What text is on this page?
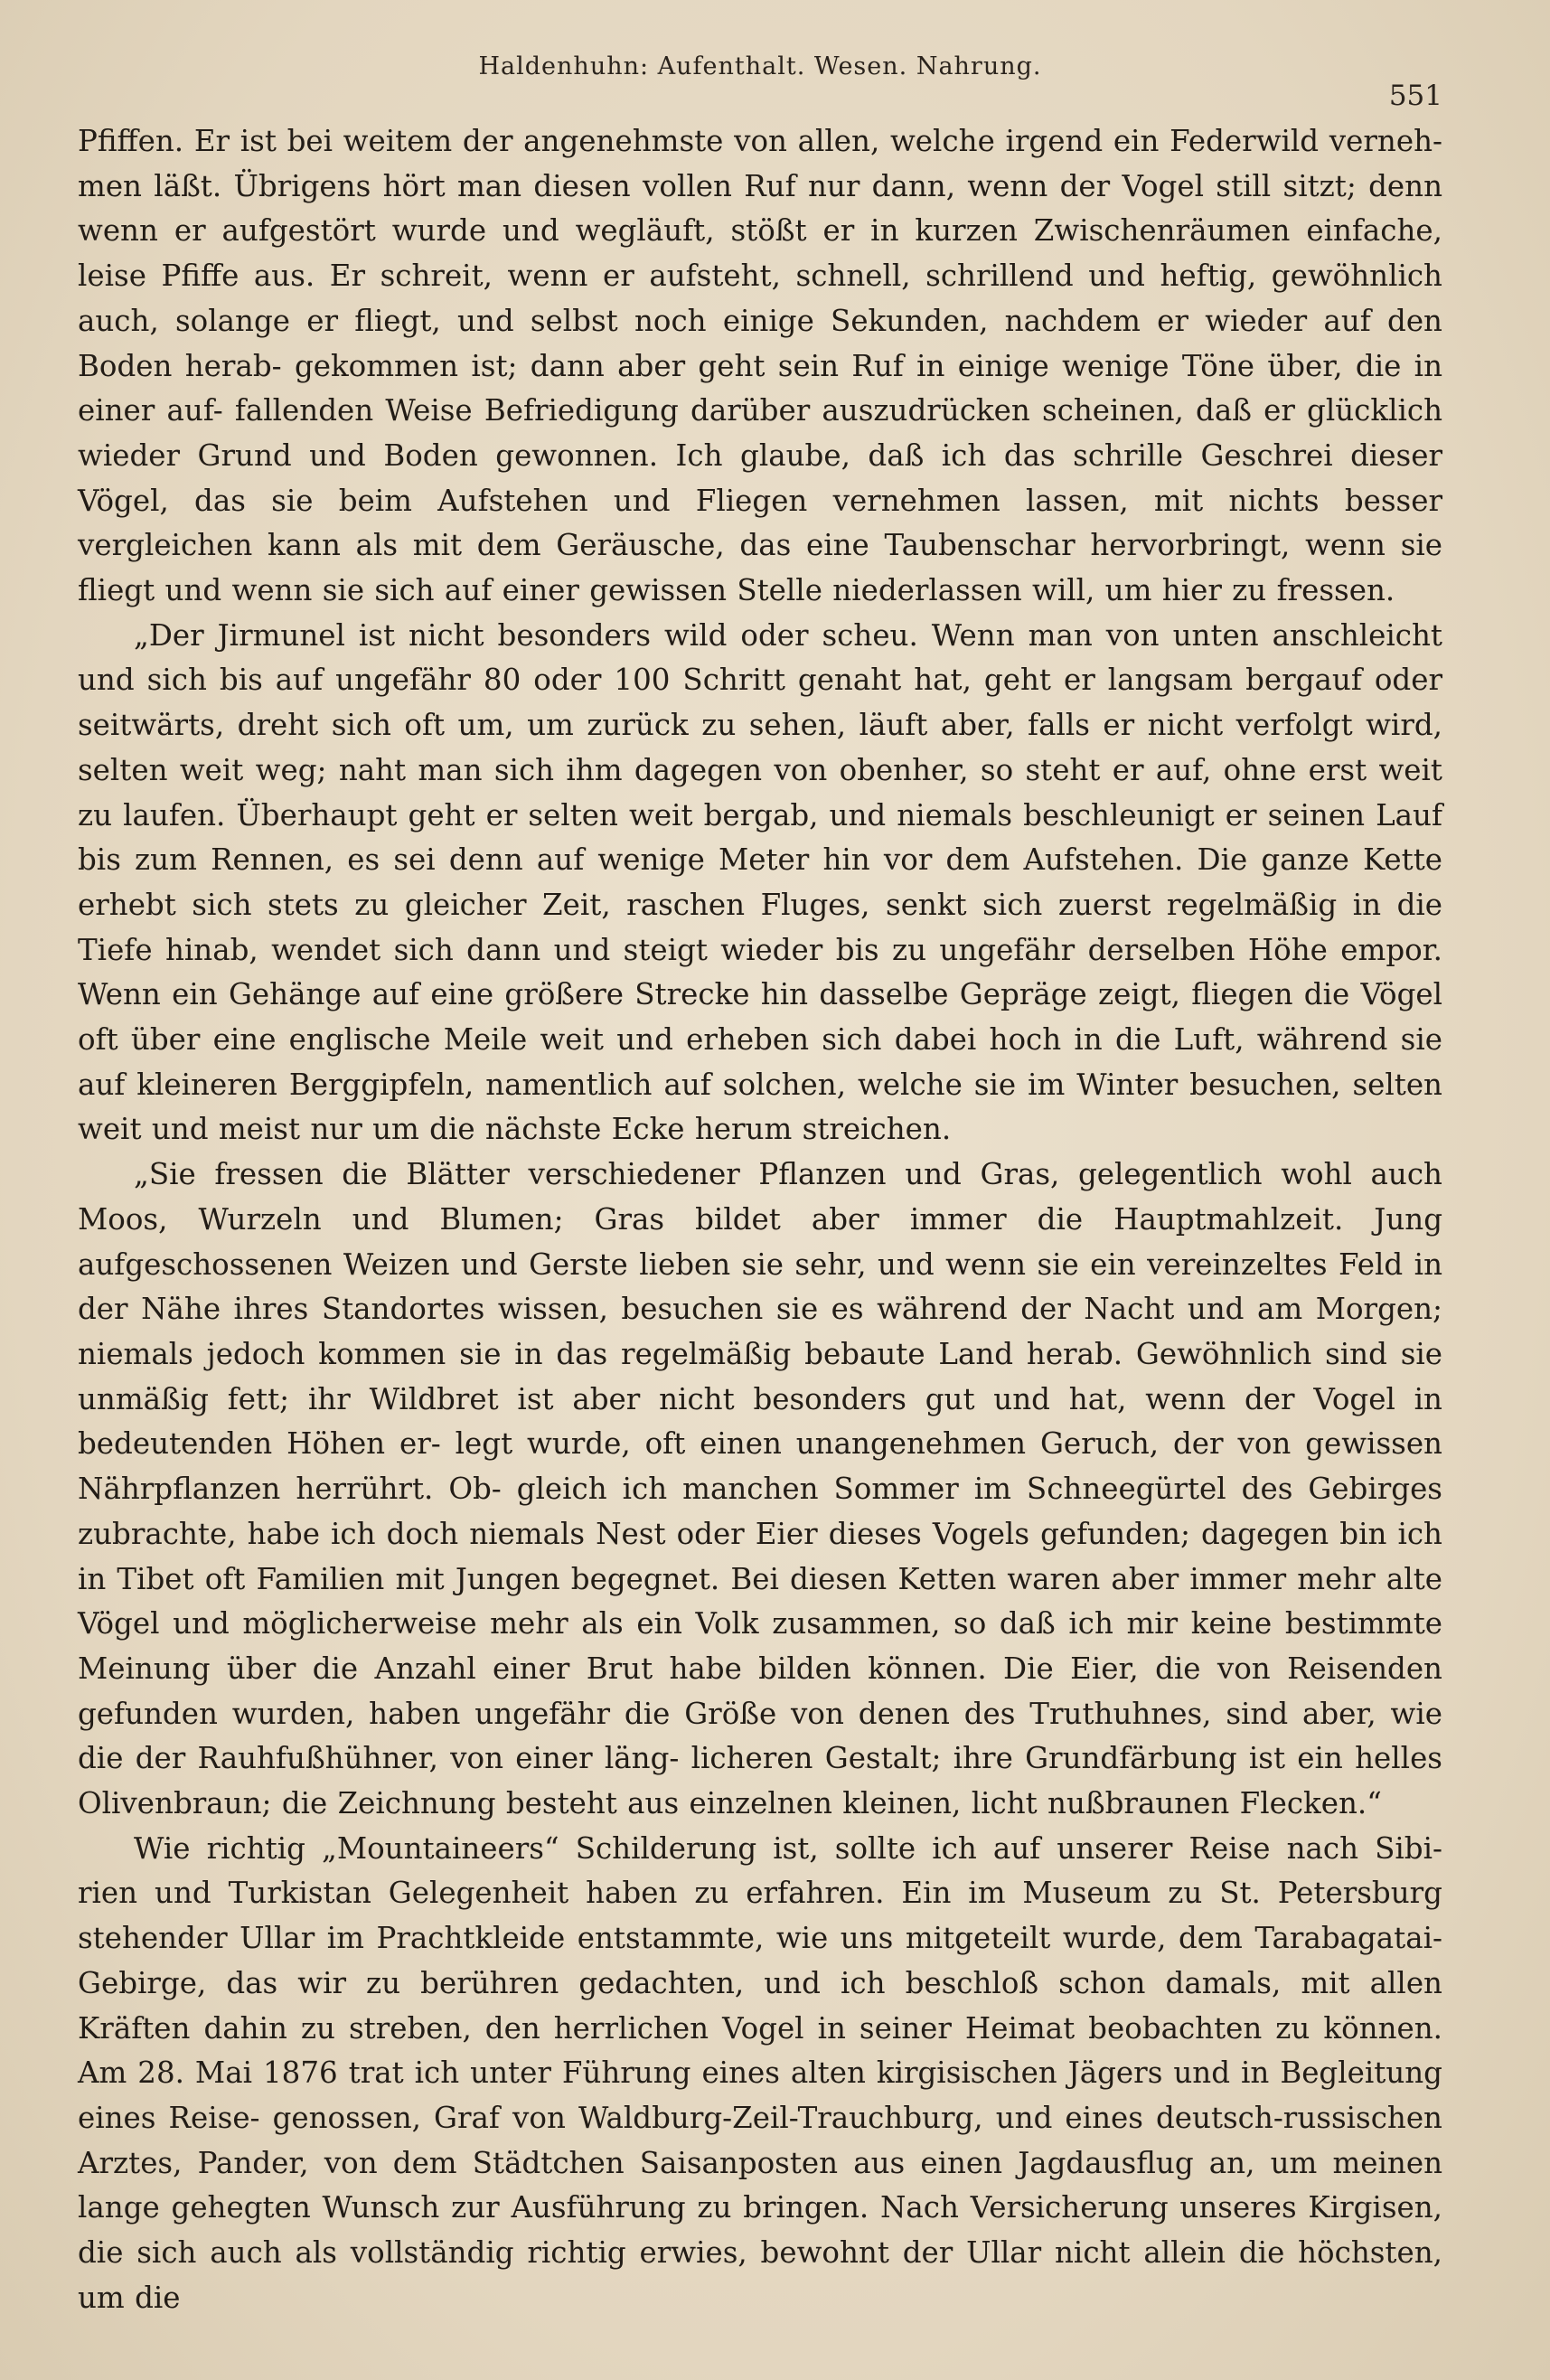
Haldenhuhn: Aufenthalt. Wesen. Nahrung.
551

Pfiffen. Er ist bei weitem der angenehmste von allen, welche irgend ein Federwild verneh- men läßt. Übrigens hört man diesen vollen Ruf nur dann, wenn der Vogel still sitzt; denn wenn er aufgestört wurde und wegläuft, stößt er in kurzen Zwischenräumen einfache, leise Pfiffe aus. Er schreit, wenn er aufsteht, schnell, schrillend und heftig, gewöhnlich auch, solange er fliegt, und selbst noch einige Sekunden, nachdem er wieder auf den Boden herab- gekommen ist; dann aber geht sein Ruf in einige wenige Töne über, die in einer auf- fallenden Weise Befriedigung darüber auszudrücken scheinen, daß er glücklich wieder Grund und Boden gewonnen. Ich glaube, daß ich das schrille Geschrei dieser Vögel, das sie beim Aufstehen und Fliegen vernehmen lassen, mit nichts besser vergleichen kann als mit dem Geräusche, das eine Taubenschar hervorbringt, wenn sie fliegt und wenn sie sich auf einer gewissen Stelle niederlassen will, um hier zu fressen.

„Der Jirmunel ist nicht besonders wild oder scheu. Wenn man von unten anschleicht und sich bis auf ungefähr 80 oder 100 Schritt genaht hat, geht er langsam bergauf oder seitwärts, dreht sich oft um, um zurück zu sehen, läuft aber, falls er nicht verfolgt wird, selten weit weg; naht man sich ihm dagegen von obenher, so steht er auf, ohne erst weit zu laufen. Überhaupt geht er selten weit bergab, und niemals beschleunigt er seinen Lauf bis zum Rennen, es sei denn auf wenige Meter hin vor dem Aufstehen. Die ganze Kette erhebt sich stets zu gleicher Zeit, raschen Fluges, senkt sich zuerst regelmäßig in die Tiefe hinab, wendet sich dann und steigt wieder bis zu ungefähr derselben Höhe empor. Wenn ein Gehänge auf eine größere Strecke hin dasselbe Gepräge zeigt, fliegen die Vögel oft über eine englische Meile weit und erheben sich dabei hoch in die Luft, während sie auf kleineren Berggipfeln, namentlich auf solchen, welche sie im Winter besuchen, selten weit und meist nur um die nächste Ecke herum streichen.

„Sie fressen die Blätter verschiedener Pflanzen und Gras, gelegentlich wohl auch Moos, Wurzeln und Blumen; Gras bildet aber immer die Hauptmahlzeit. Jung aufgeschossenen Weizen und Gerste lieben sie sehr, und wenn sie ein vereinzeltes Feld in der Nähe ihres Standortes wissen, besuchen sie es während der Nacht und am Morgen; niemals jedoch kommen sie in das regelmäßig bebaute Land herab. Gewöhnlich sind sie unmäßig fett; ihr Wildbret ist aber nicht besonders gut und hat, wenn der Vogel in bedeutenden Höhen er- legt wurde, oft einen unangenehmen Geruch, der von gewissen Nährpflanzen herrührt. Ob- gleich ich manchen Sommer im Schneegürtel des Gebirges zubrachte, habe ich doch niemals Nest oder Eier dieses Vogels gefunden; dagegen bin ich in Tibet oft Familien mit Jungen begegnet. Bei diesen Ketten waren aber immer mehr alte Vögel und möglicherweise mehr als ein Volk zusammen, so daß ich mir keine bestimmte Meinung über die Anzahl einer Brut habe bilden können. Die Eier, die von Reisenden gefunden wurden, haben ungefähr die Größe von denen des Truthuhnes, sind aber, wie die der Rauhfußhühner, von einer läng- licheren Gestalt; ihre Grundfärbung ist ein helles Olivenbraun; die Zeichnung besteht aus einzelnen kleinen, licht nußbraunen Flecken.“

Wie richtig „Mountaineers“ Schilderung ist, sollte ich auf unserer Reise nach Sibi- rien und Turkistan Gelegenheit haben zu erfahren. Ein im Museum zu St. Petersburg stehender Ullar im Prachtkleide entstammte, wie uns mitgeteilt wurde, dem Tarabagatai- Gebirge, das wir zu berühren gedachten, und ich beschloß schon damals, mit allen Kräften dahin zu streben, den herrlichen Vogel in seiner Heimat beobachten zu können. Am 28. Mai 1876 trat ich unter Führung eines alten kirgisischen Jägers und in Begleitung eines Reise- genossen, Graf von Waldburg-Zeil-Trauchburg, und eines deutsch-russischen Arztes, Pander, von dem Städtchen Saisanposten aus einen Jagdausflug an, um meinen lange gehegten Wunsch zur Ausführung zu bringen. Nach Versicherung unseres Kirgisen, die sich auch als vollständig richtig erwies, bewohnt der Ullar nicht allein die höchsten, um die
